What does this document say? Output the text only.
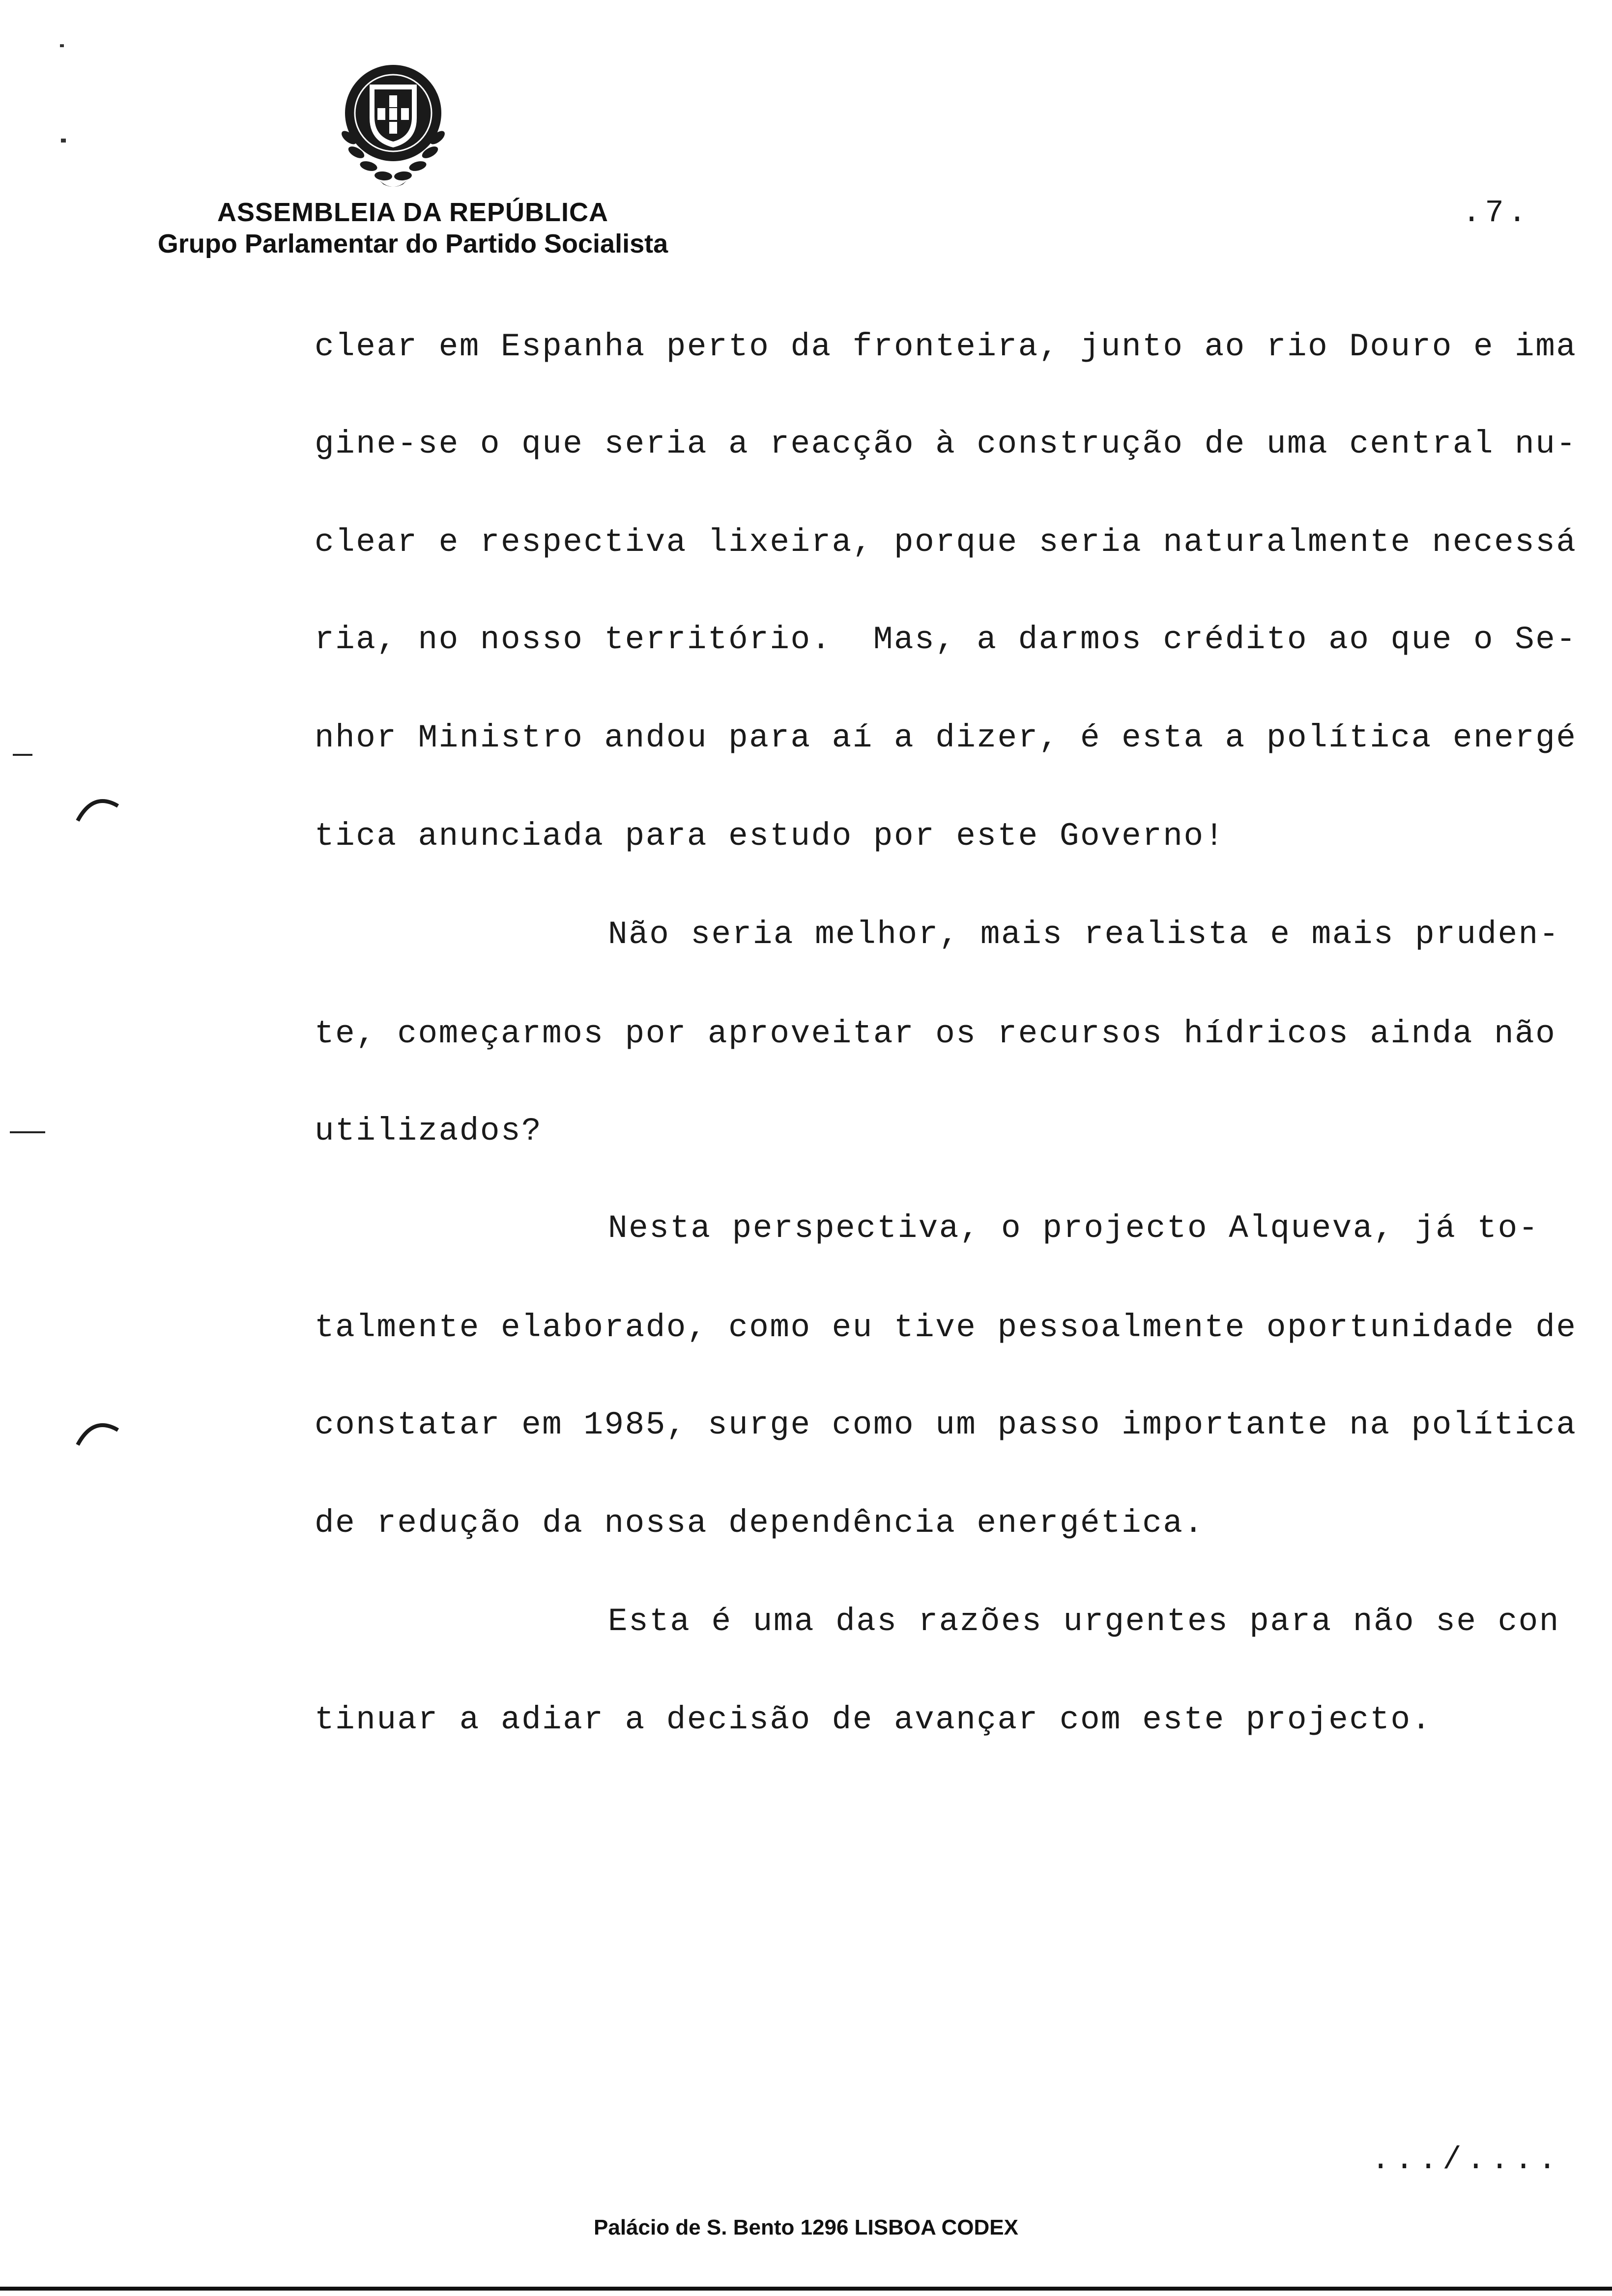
ASSEMBLEIA DA REPÚBLICA
Grupo Parlamentar do Partido Socialista
.7.
clear em Espanha perto da fronteira, junto ao rio Douro e ima
gine-se o que seria a reacção à construção de uma central nu-
clear e respectiva lixeira, porque seria naturalmente necessá
ria, no nosso território.  Mas, a darmos crédito ao que o Se-
nhor Ministro andou para aí a dizer, é esta a política energé
tica anunciada para estudo por este Governo!
Não seria melhor, mais realista e mais pruden-
te, começarmos por aproveitar os recursos hídricos ainda não
utilizados?
Nesta perspectiva, o projecto Alqueva, já to-
talmente elaborado, como eu tive pessoalmente oportunidade de
constatar em 1985, surge como um passo importante na política
de redução da nossa dependência energética.
Esta é uma das razões urgentes para não se con
tinuar a adiar a decisão de avançar com este projecto.
.../....
Palácio de S. Bento 1296 LISBOA CODEX
